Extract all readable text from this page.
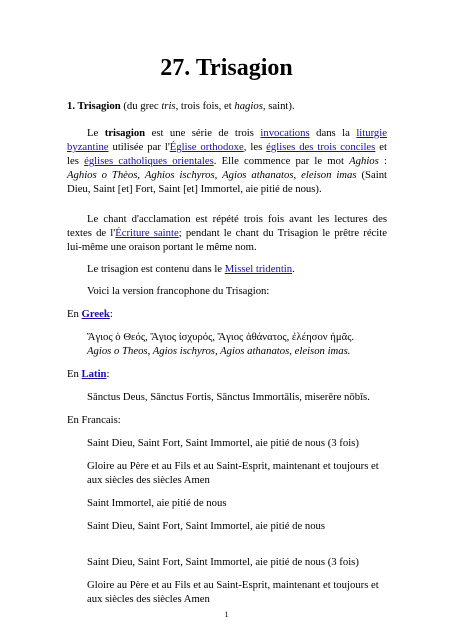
27. Trisagion

1. Trisagion (du grec tris, trois fois, et hagios, saint).

Le trisagion est une série de trois invocations dans la liturgie byzantine utilisée par l'Église orthodoxe, les églises des trois conciles et les églises catholiques orientales. Elle commence par le mot Aghios : Aghios o Thèos, Aghios ischyros, Agios athanatos, eleison imas (Saint Dieu, Saint [et] Fort, Saint [et] Immortel, aie pitié de nous).

Le chant d'acclamation est répété trois fois avant les lectures des textes de l'Écriture sainte; pendant le chant du Trisagion le prêtre récite lui-même une oraison portant le même nom.

Le trisagion est contenu dans le Missel tridentin.

Voici la version francophone du Trisagion:

En Greek:

Ἅγιος ὁ Θεός, Ἅγιος ἰσχυρός, Ἅγιος ἀθάνατος, ἐλέησον ἡμᾶς.

Agios o Theos, Agios ischyros, Agios athanatos, eleison imas.

En Latin:

Sānctus Deus, Sānctus Fortis, Sānctus Immortālis, miserēre nōbīs.

En Francais:

Saint Dieu, Saint Fort, Saint Immortel, aie pitié de nous (3 fois)

Gloire au Père et au Fils et au Saint-Esprit, maintenant et toujours et aux siècles des siècles Amen

Saint Immortel, aie pitié de nous

Saint Dieu, Saint Fort, Saint Immortel, aie pitié de nous

Saint Dieu, Saint Fort, Saint Immortel, aie pitié de nous (3 fois)

Gloire au Père et au Fils et au Saint-Esprit, maintenant et toujours et aux siècles des siècles Amen

1
